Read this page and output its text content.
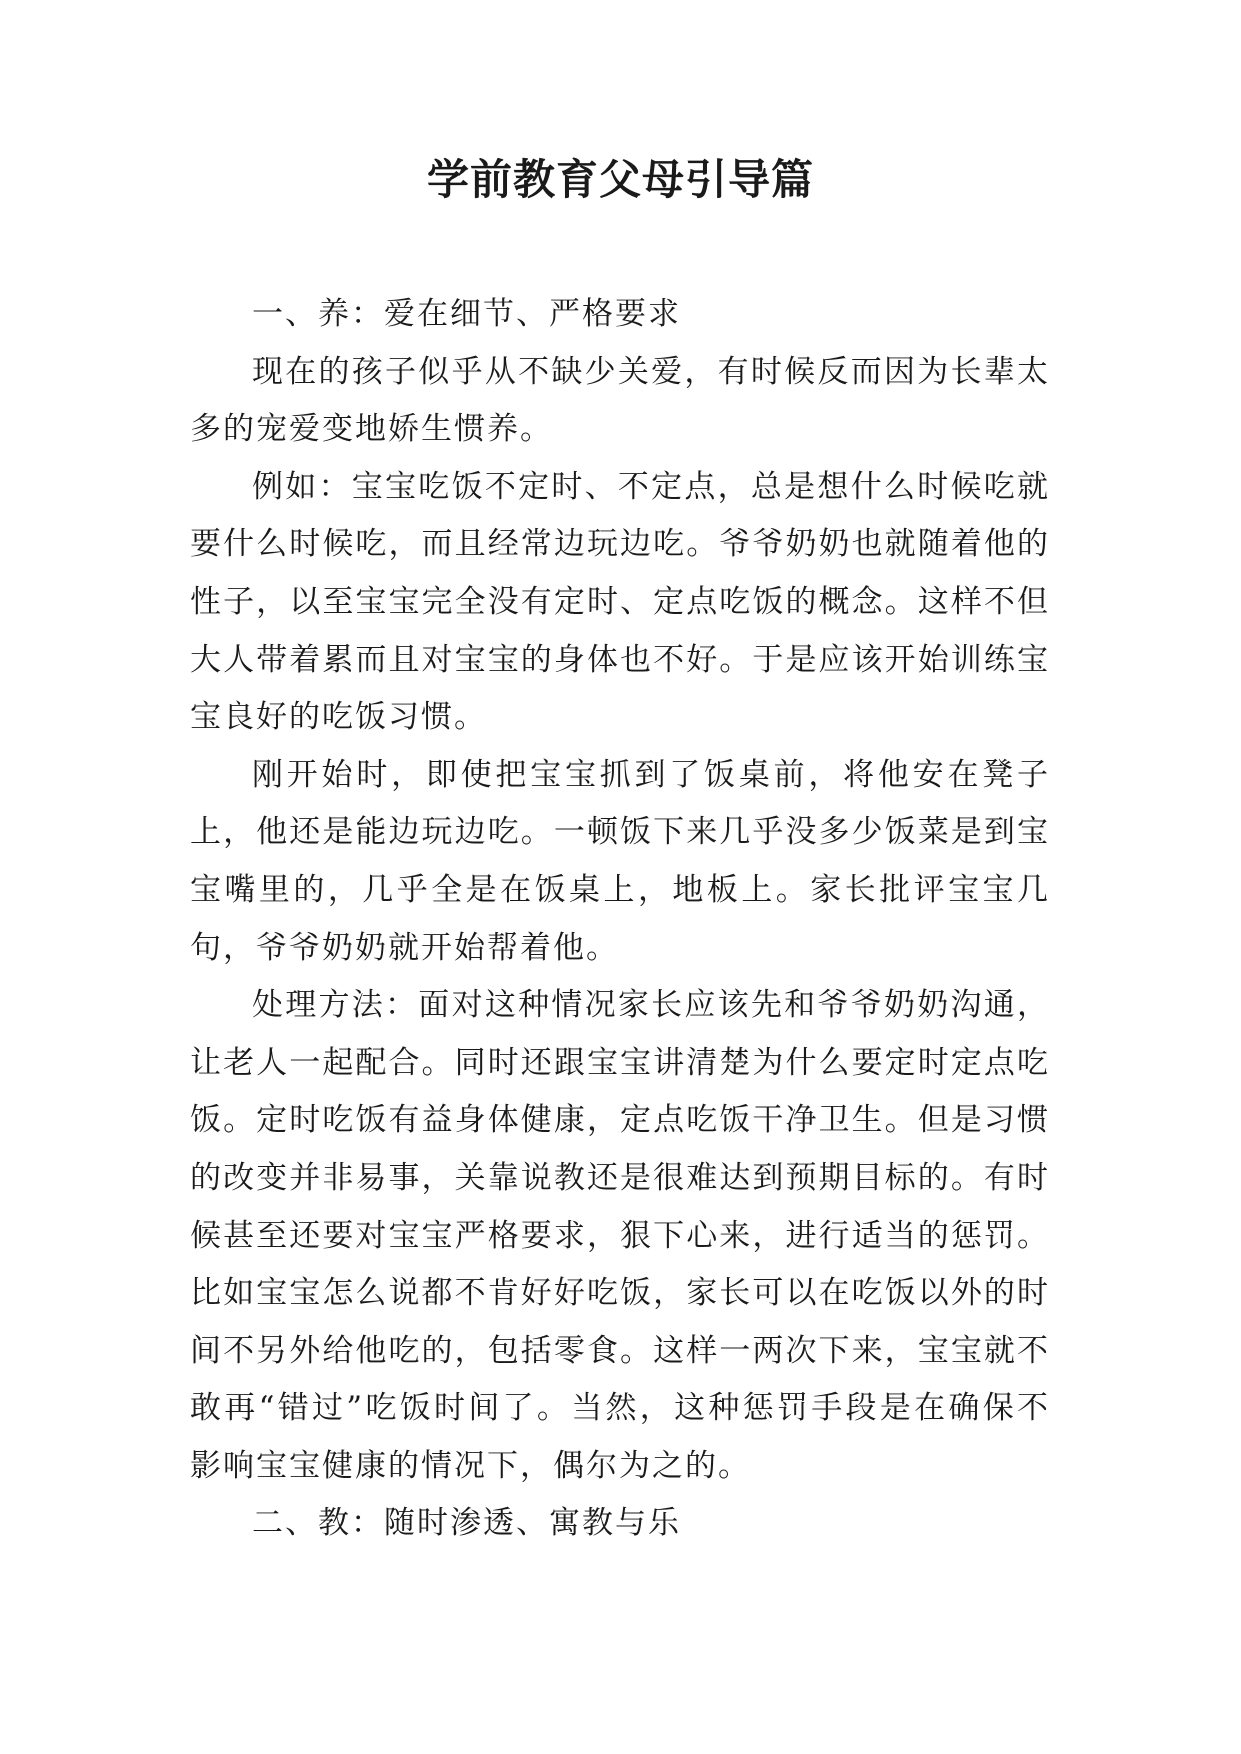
学前教育父母引导篇

一、养：爱在细节、严格要求

现在的孩子似乎从不缺少关爱，有时候反而因为长辈太多的宠爱变地娇生惯养。

例如：宝宝吃饭不定时、不定点，总是想什么时候吃就要什么时候吃，而且经常边玩边吃。爷爷奶奶也就随着他的性子，以至宝宝完全没有定时、定点吃饭的概念。这样不但大人带着累而且对宝宝的身体也不好。于是应该开始训练宝宝良好的吃饭习惯。

刚开始时，即使把宝宝抓到了饭桌前，将他安在凳子上，他还是能边玩边吃。一顿饭下来几乎没多少饭菜是到宝宝嘴里的，几乎全是在饭桌上，地板上。家长批评宝宝几句，爷爷奶奶就开始帮着他。

处理方法：面对这种情况家长应该先和爷爷奶奶沟通，让老人一起配合。同时还跟宝宝讲清楚为什么要定时定点吃饭。定时吃饭有益身体健康，定点吃饭干净卫生。但是习惯的改变并非易事，关靠说教还是很难达到预期目标的。有时候甚至还要对宝宝严格要求，狠下心来，进行适当的惩罚。比如宝宝怎么说都不肯好好吃饭，家长可以在吃饭以外的时间不另外给他吃的，包括零食。这样一两次下来，宝宝就不敢再“错过”吃饭时间了。当然，这种惩罚手段是在确保不影响宝宝健康的情况下，偶尔为之的。

二、教：随时渗透、寓教与乐
